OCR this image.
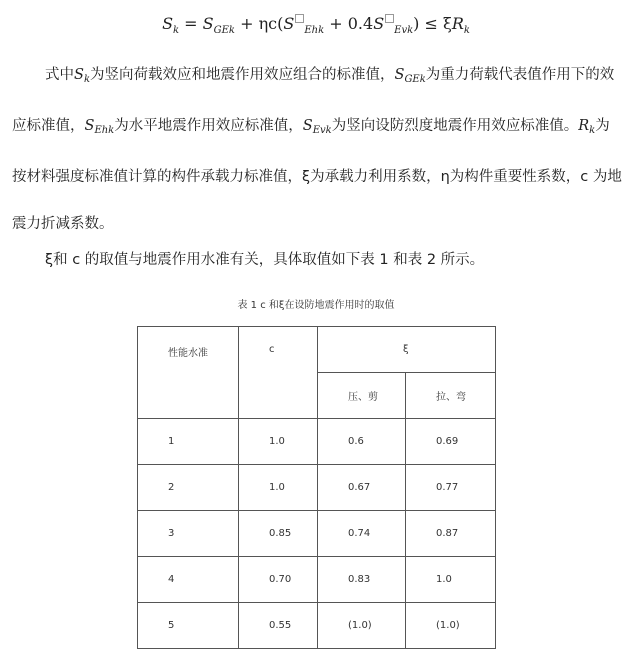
$S_k = S_{GEk} + \eta c(S$ $_{Ehk}$ + 0.4S $_{Evk}) \le \xi R_k$
式中$S_k$为竖向荷载效应和地震作用效应组合的标准值，$S_{GEk}$为重力荷载代表值作用下的效应标准值，$S_{Ehk}$为水平地震作用效应标准值，$S_{Evk}$为竖向设防烈度地震作用效应标准值。$R_k$为按材料强度标准值计算的构件承载力标准值，ξ为承载力利用系数，η为构件重要性系数，c 为地震力折减系数。
ξ和 c 的取值与地震作用水准有关，具体取值如下表 1 和表 2 所示。
表 1 c 和ξ在设防地震作用时的取值
性能水准	c	ξ	
		压、剪	拉、弯
1	1.0	0.6	0.69
2	1.0	0.67	0.77
3	0.85	0.74	0.87
4	0.70	0.83	1.0
5	0.55	(1.0)	(1.0)
